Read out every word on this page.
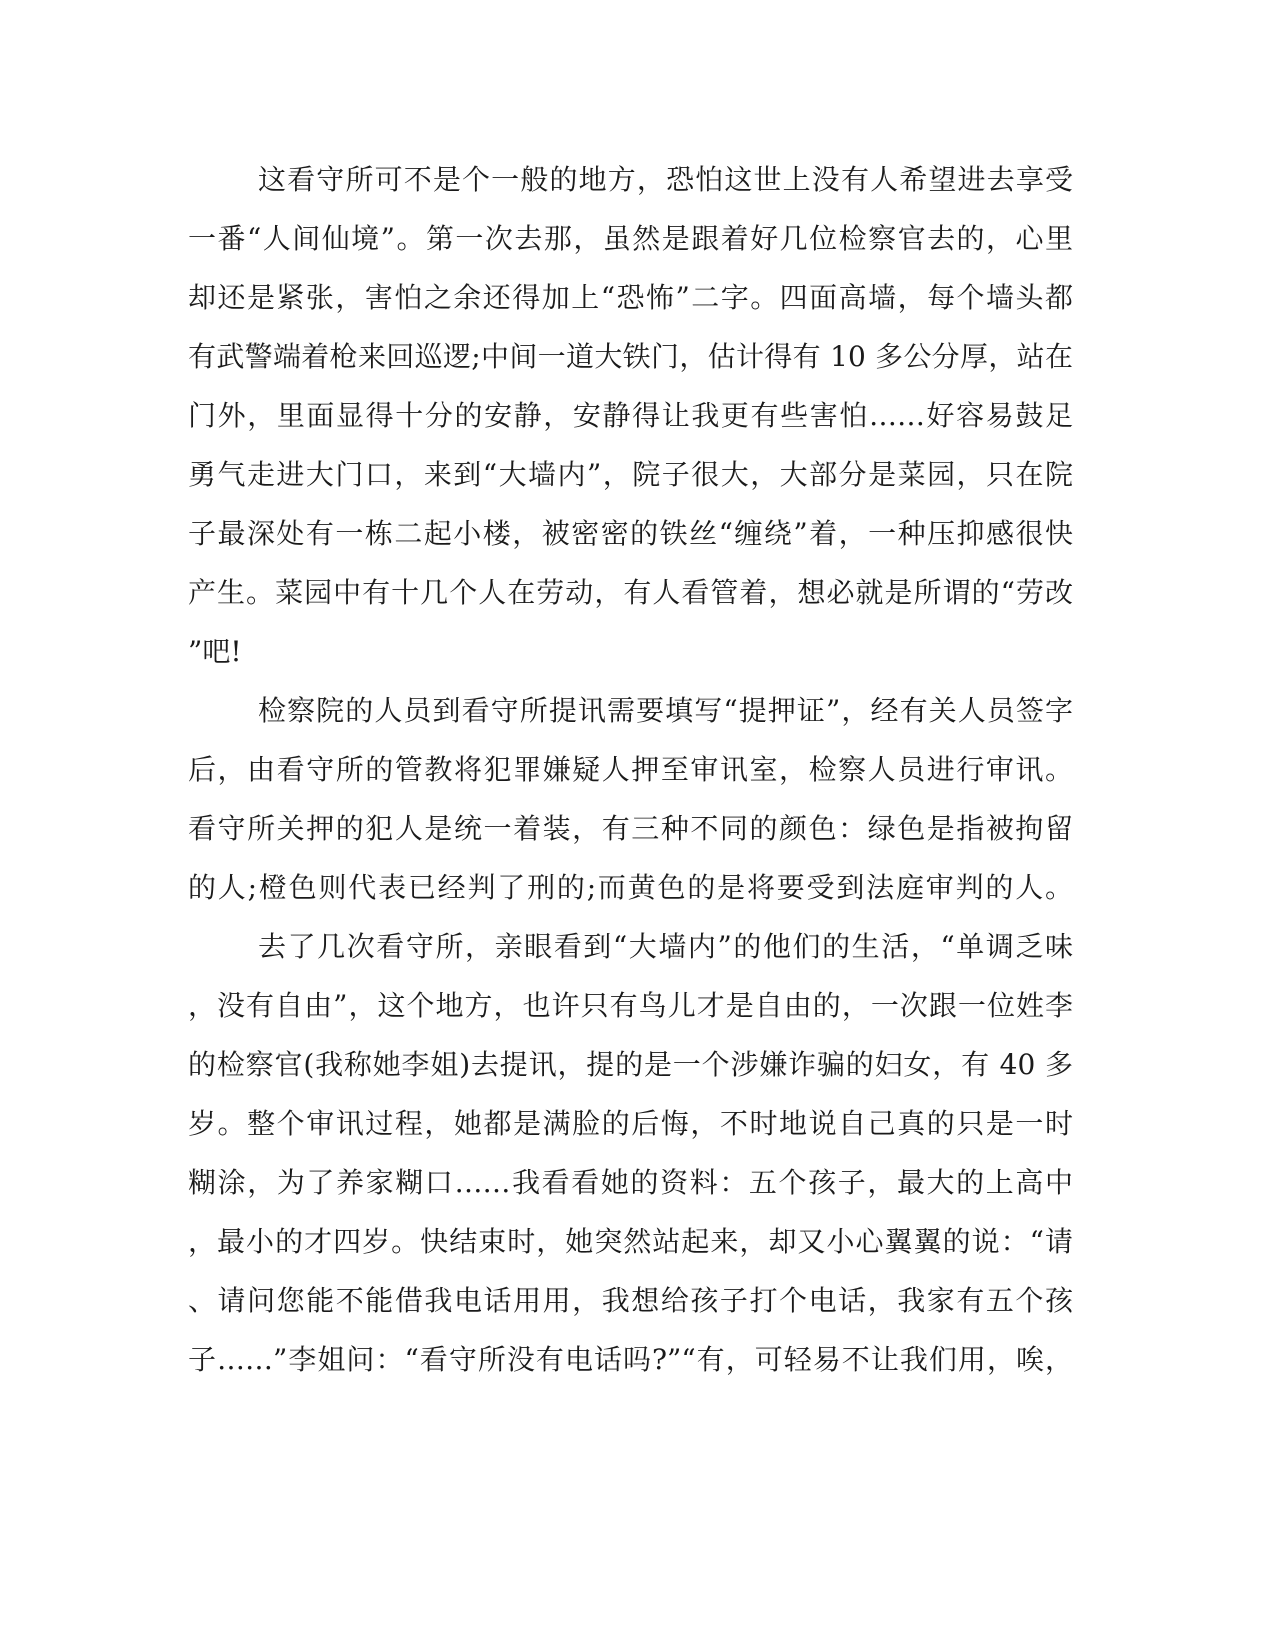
这看守所可不是个一般的地方，恐怕这世上没有人希望进去享受
一番“人间仙境”。第一次去那，虽然是跟着好几位检察官去的，心里
却还是紧张，害怕之余还得加上“恐怖”二字。四面高墙，每个墙头都
有武警端着枪来回巡逻;中间一道大铁门，估计得有 10 多公分厚，站在
门外，里面显得十分的安静，安静得让我更有些害怕……好容易鼓足
勇气走进大门口，来到“大墙内”，院子很大，大部分是菜园，只在院
子最深处有一栋二起小楼，被密密的铁丝“缠绕”着，一种压抑感很快
产生。菜园中有十几个人在劳动，有人看管着，想必就是所谓的“劳改
”吧!
检察院的人员到看守所提讯需要填写“提押证”，经有关人员签字
后，由看守所的管教将犯罪嫌疑人押至审讯室，检察人员进行审讯。
看守所关押的犯人是统一着装，有三种不同的颜色：绿色是指被拘留
的人;橙色则代表已经判了刑的;而黄色的是将要受到法庭审判的人。
去了几次看守所，亲眼看到“大墙内”的他们的生活，“单调乏味
，没有自由”，这个地方，也许只有鸟儿才是自由的，一次跟一位姓李
的检察官(我称她李姐)去提讯，提的是一个涉嫌诈骗的妇女，有 40 多
岁。整个审讯过程，她都是满脸的后悔，不时地说自己真的只是一时
糊涂，为了养家糊口……我看看她的资料：五个孩子，最大的上高中
，最小的才四岁。快结束时，她突然站起来，却又小心翼翼的说：“请
、请问您能不能借我电话用用，我想给孩子打个电话，我家有五个孩
子……”李姐问：“看守所没有电话吗?”“有，可轻易不让我们用，唉，
